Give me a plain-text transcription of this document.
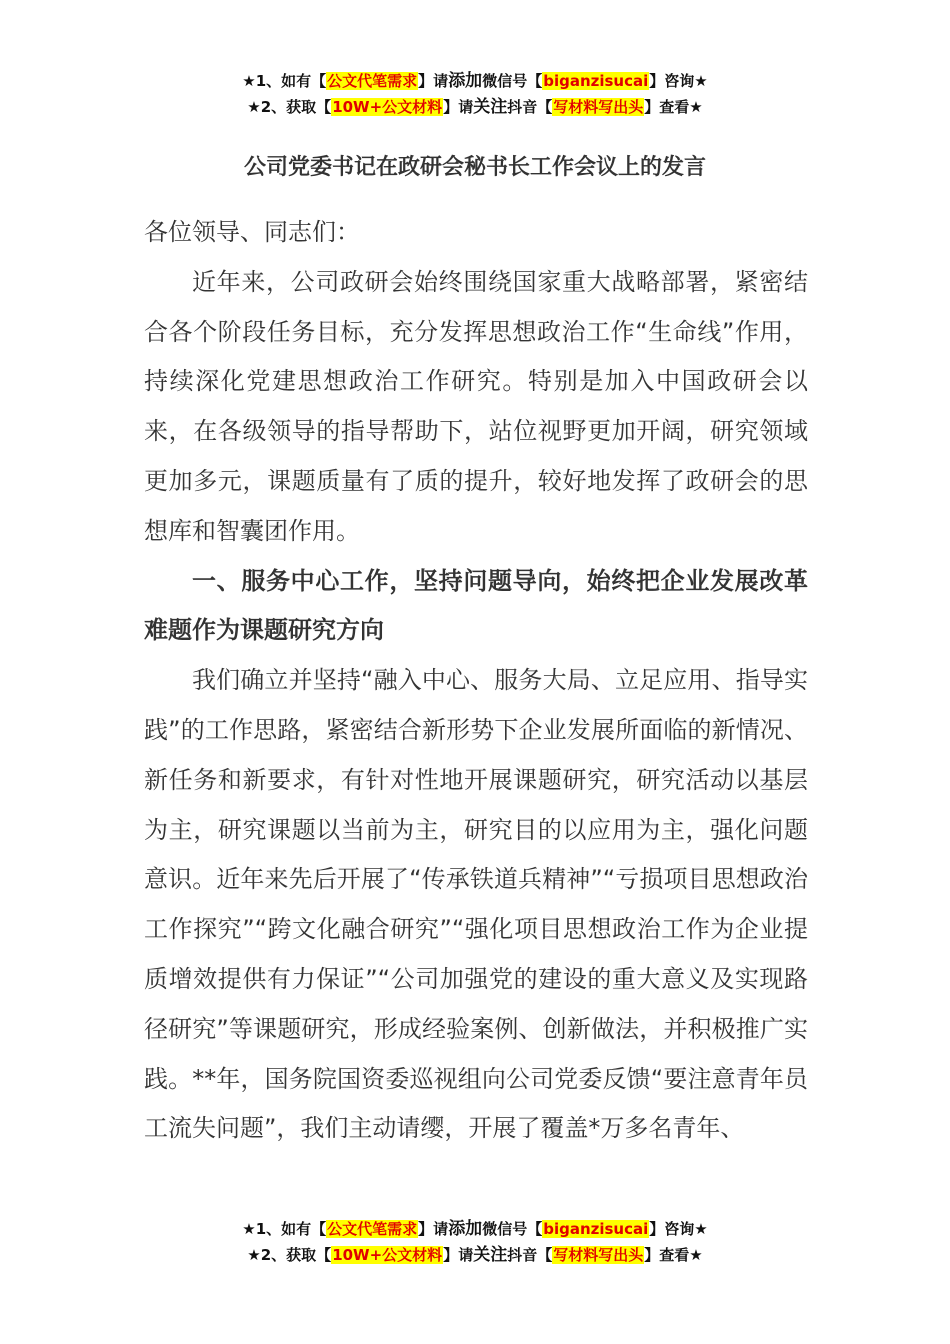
★1、如有【公文代笔需求】请添加微信号【biganzisucai】咨询★
★2、获取【10W+公文材料】请关注抖音【写材料写出头】查看★
公司党委书记在政研会秘书长工作会议上的发言

各位领导、同志们：

近年来，公司政研会始终围绕国家重大战略部署，紧密结合各个阶段任务目标，充分发挥思想政治工作“生命线”作用，持续深化党建思想政治工作研究。特别是加入中国政研会以来，在各级领导的指导帮助下，站位视野更加开阔，研究领域更加多元，课题质量有了质的提升，较好地发挥了政研会的思想库和智囊团作用。

一、服务中心工作，坚持问题导向，始终把企业发展改革难题作为课题研究方向

我们确立并坚持“融入中心、服务大局、立足应用、指导实践”的工作思路，紧密结合新形势下企业发展所面临的新情况、新任务和新要求，有针对性地开展课题研究，研究活动以基层为主，研究课题以当前为主，研究目的以应用为主，强化问题意识。近年来先后开展了“传承铁道兵精神”“亏损项目思想政治工作探究”“跨文化融合研究”“强化项目思想政治工作为企业提质增效提供有力保证”“公司加强党的建设的重大意义及实现路径研究”等课题研究，形成经验案例、创新做法，并积极推广实践。**年，国务院国资委巡视组向公司党委反馈“要注意青年员工流失问题”，我们主动请缨，开展了覆盖*万多名青年、

★1、如有【公文代笔需求】请添加微信号【biganzisucai】咨询★
★2、获取【10W+公文材料】请关注抖音【写材料写出头】查看★
